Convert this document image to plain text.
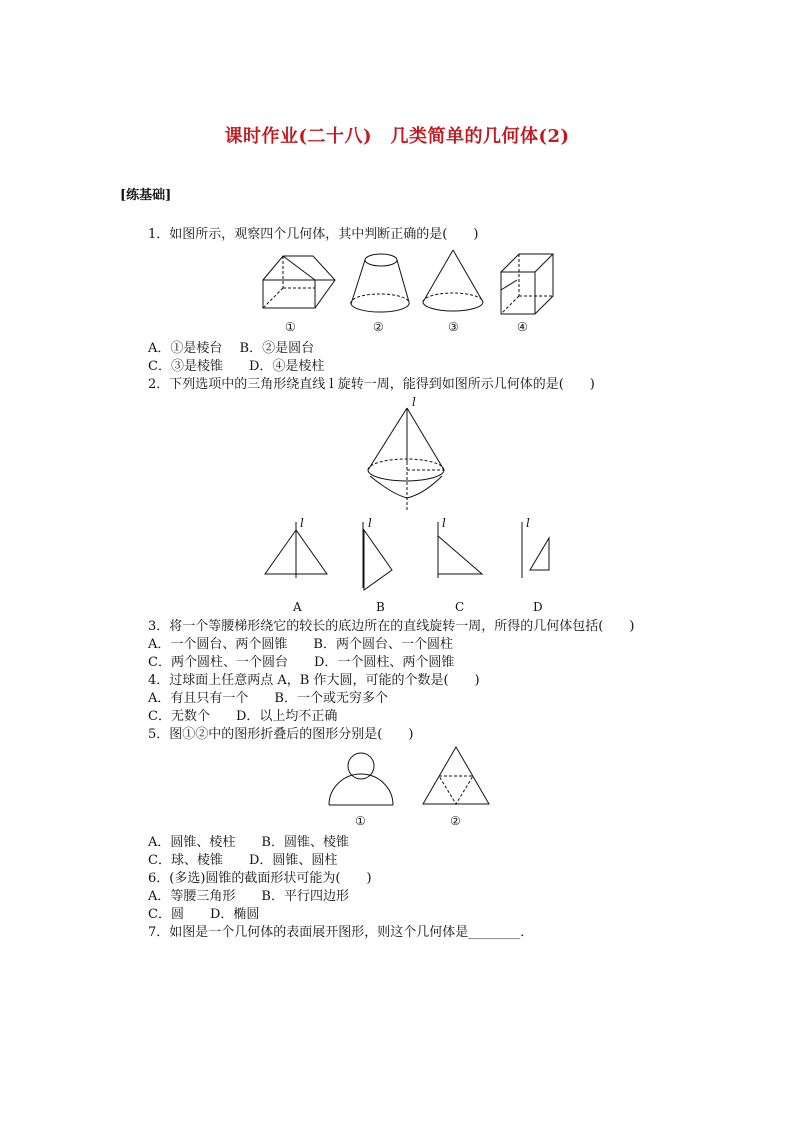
课时作业(二十八)　几类简单的几何体(2)
[练基础]
1．如图所示，观察四个几何体，其中判断正确的是(　　)
①	②	③	④
A．①是棱台　 B．②是圆台
C．③是棱锥　　D．④是棱柱
2．下列选项中的三角形绕直线 l 旋转一周，能得到如图所示几何体的是(　　)
l
l
A
l
B
l
C
l
D
3．将一个等腰梯形绕它的较长的底边所在的直线旋转一周，所得的几何体包括(　　)
A．一个圆台、两个圆锥　　B．两个圆台、一个圆柱
C．两个圆柱、一个圆台　　D．一个圆柱、两个圆锥
4．过球面上任意两点 A，B 作大圆，可能的个数是(　　)
A．有且只有一个　　B．一个或无穷多个
C．无数个　　D．以上均不正确
5．图①②中的图形折叠后的图形分别是(　　)
①	②
A．圆锥、棱柱　　B．圆锥、棱锥
C．球、棱锥　　D．圆锥、圆柱
6．(多选)圆锥的截面形状可能为(　　)
A．等腰三角形　　B．平行四边形
C．圆　　D．椭圆
7．如图是一个几何体的表面展开图形，则这个几何体是________．
